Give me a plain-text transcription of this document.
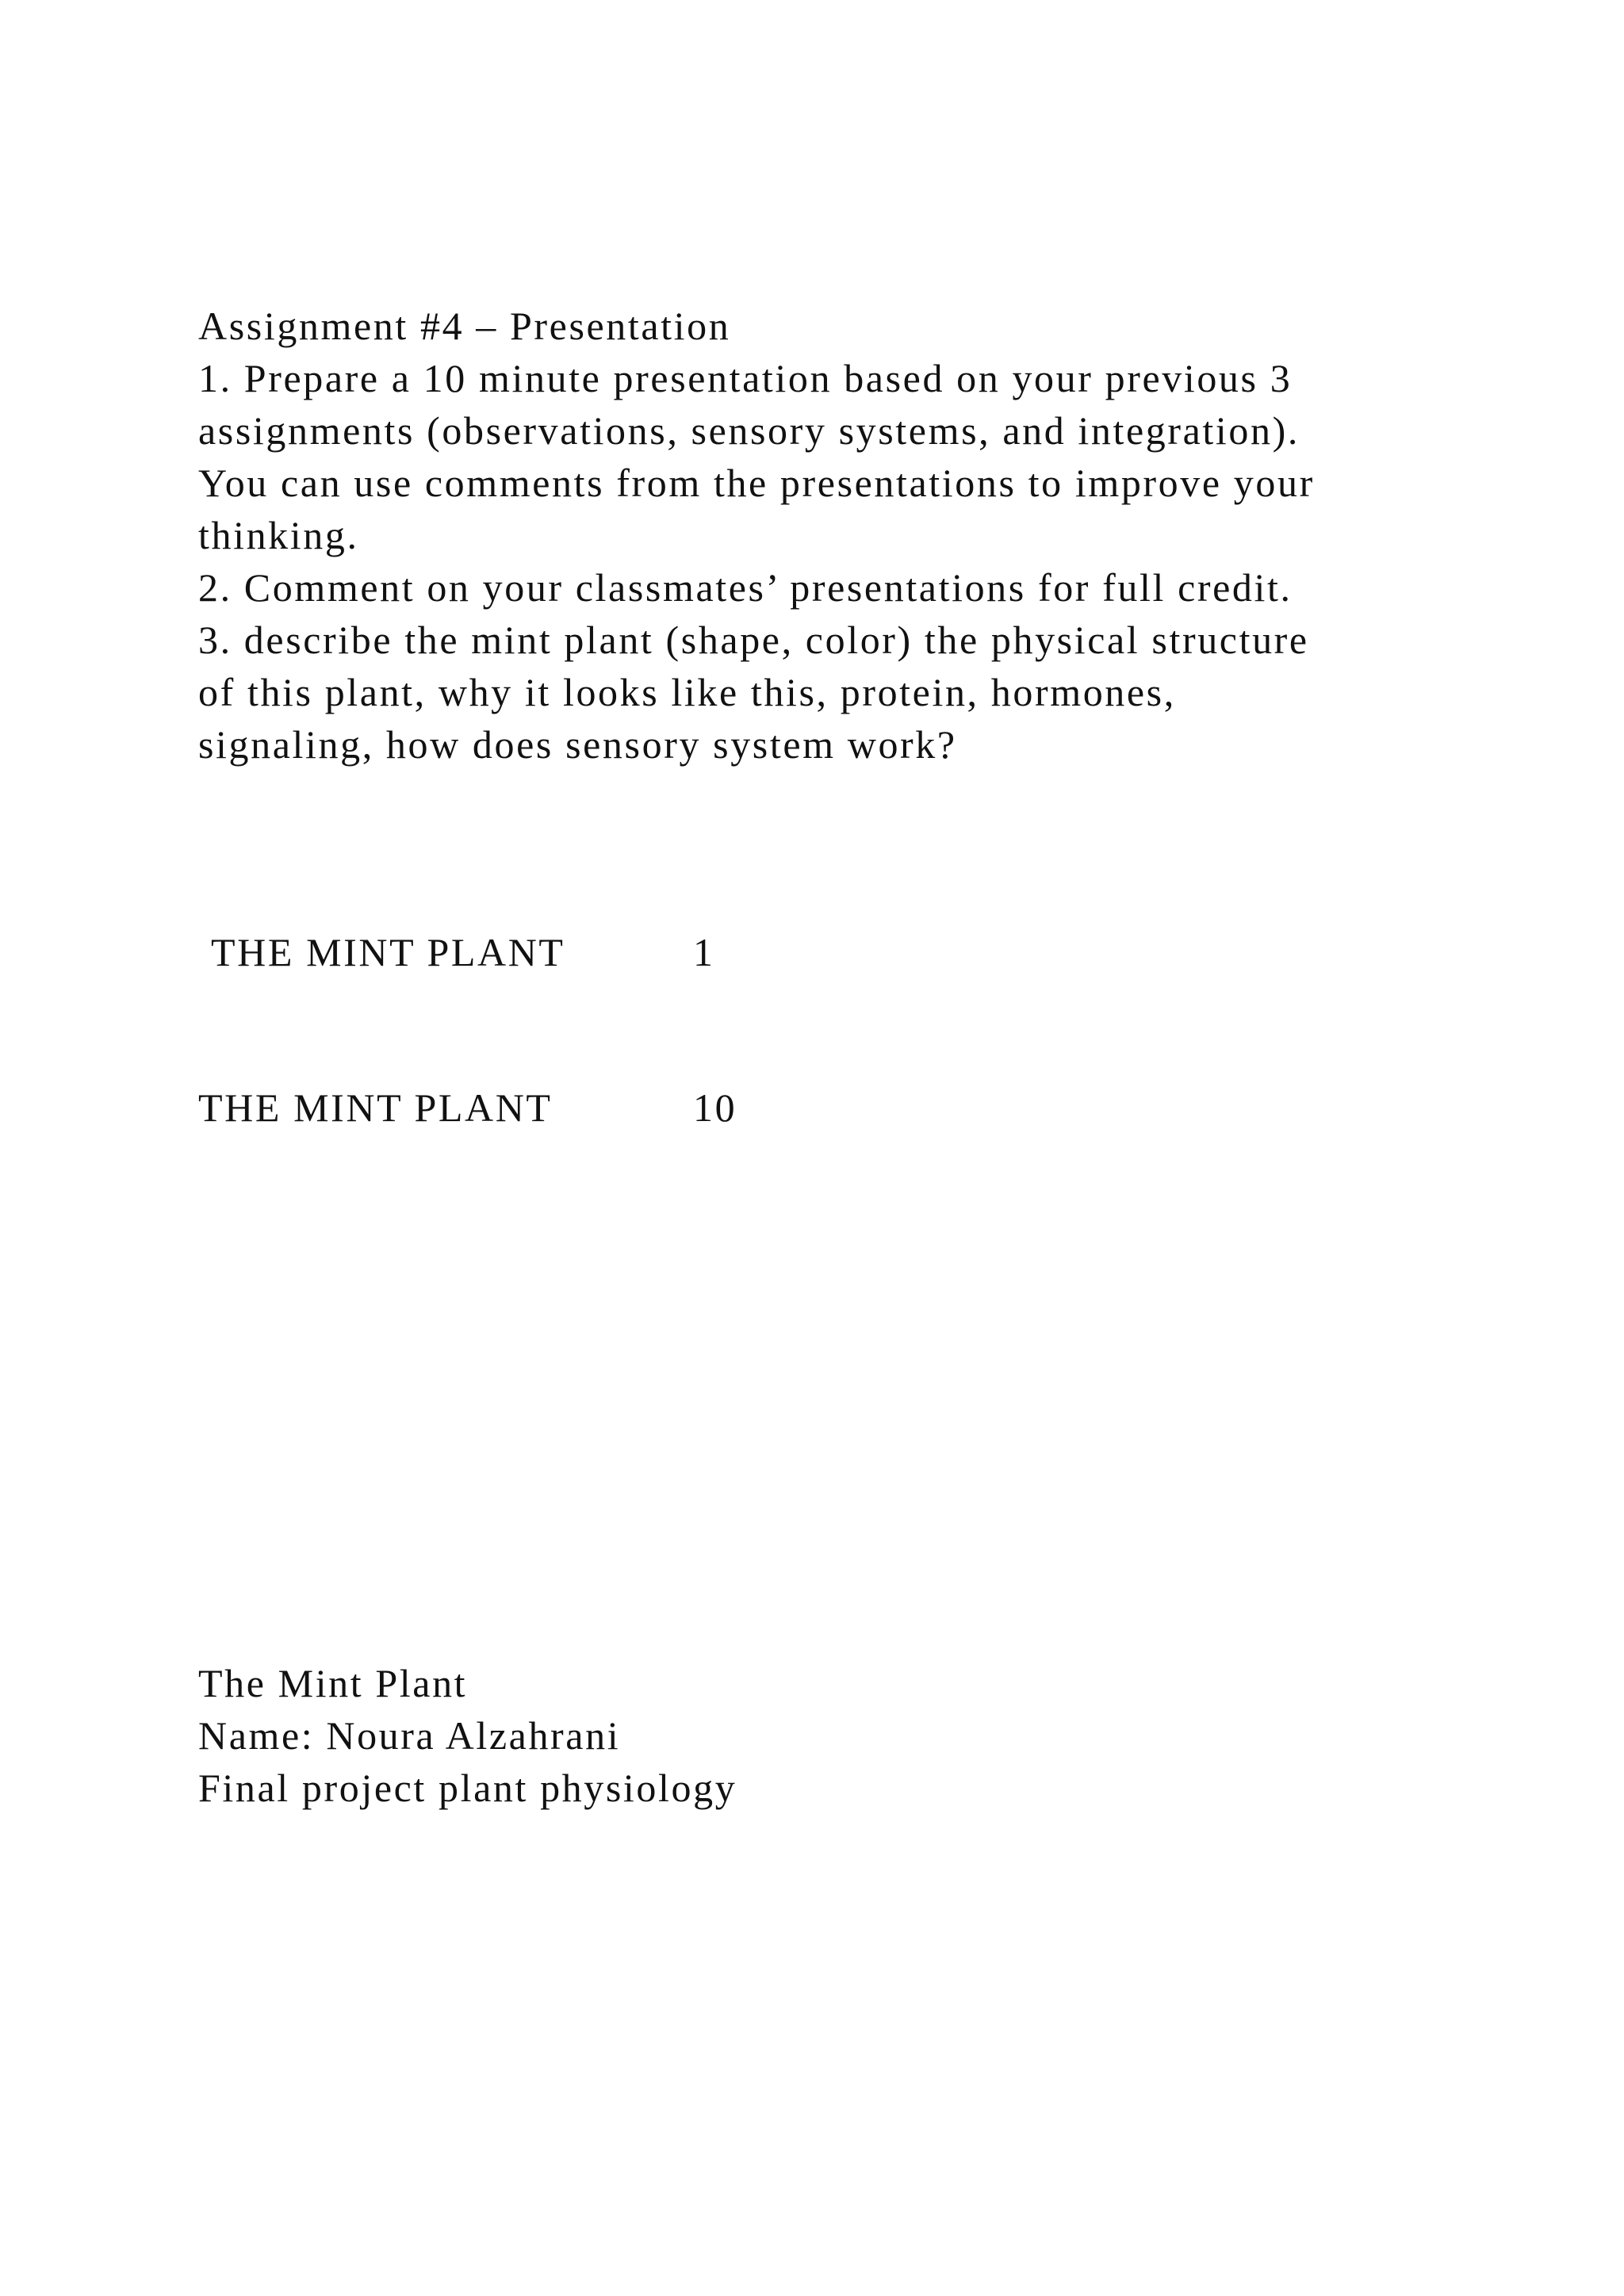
Assignment #4 – Presentation
1. Prepare a 10 minute presentation based on your previous 3
assignments (observations, sensory systems, and integration).
You can use comments from the presentations to improve your
thinking.
2. Comment on your classmates’ presentations for full credit.
3. describe the mint plant (shape, color) the physical structure
of this plant, why it looks like this, protein, hormones,
signaling, how does sensory system work?
THE MINT PLANT	1
THE MINT PLANT	10
The Mint Plant
Name: Noura Alzahrani
Final project plant physiology
